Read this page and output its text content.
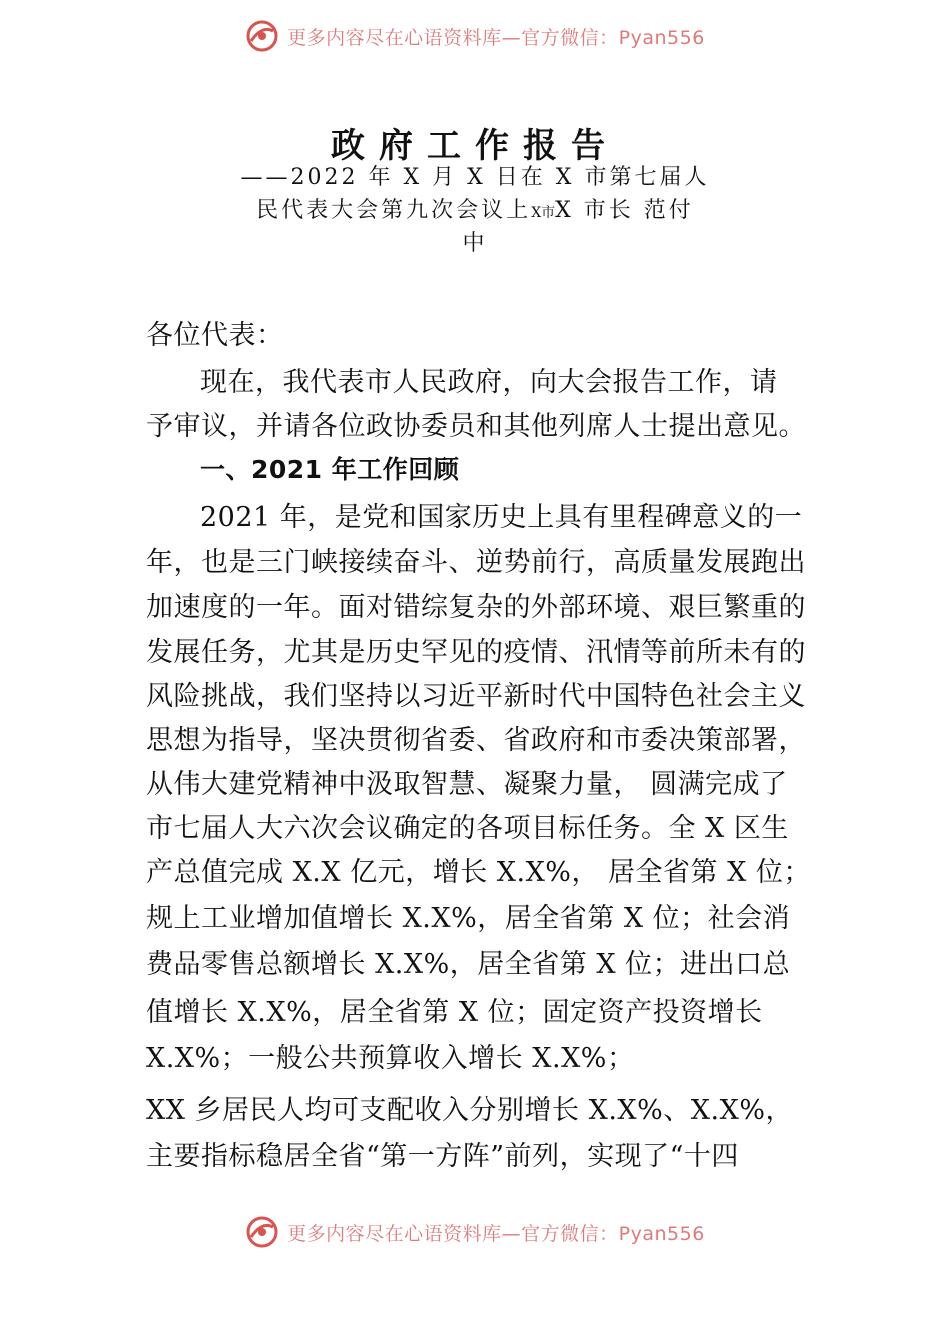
更多内容尽在心语资料库—官方微信：Pyan556
政府工作报告
——2022 年 X 月 X 日在 X 市第七届人
民代表大会第九次会议上X市X 市长 范付
中
各位代表：
现在，我代表市人民政府，向大会报告工作，请
予审议，并请各位政协委员和其他列席人士提出意见。
一、2021 年工作回顾
2021 年，是党和国家历史上具有里程碑意义的一
年，也是三门峡接续奋斗、逆势前行，高质量发展跑出
加速度的一年。面对错综复杂的外部环境、艰巨繁重的
发展任务，尤其是历史罕见的疫情、汛情等前所未有的
风险挑战，我们坚持以习近平新时代中国特色社会主义
思想为指导，坚决贯彻省委、省政府和市委决策部署，
从伟大建党精神中汲取智慧、凝聚力量， 圆满完成了
市七届人大六次会议确定的各项目标任务。全 X 区生
产总值完成 X.X 亿元，增长 X.X%， 居全省第 X 位；
规上工业增加值增长 X.X%，居全省第 X 位；社会消
费品零售总额增长 X.X%，居全省第 X 位；进出口总
值增长 X.X%，居全省第 X 位；固定资产投资增长
X.X%；一般公共预算收入增长 X.X%；
XX 乡居民人均可支配收入分别增长 X.X%、X.X%，
主要指标稳居全省“第一方阵”前列，实现了“十四
更多内容尽在心语资料库—官方微信：Pyan556
